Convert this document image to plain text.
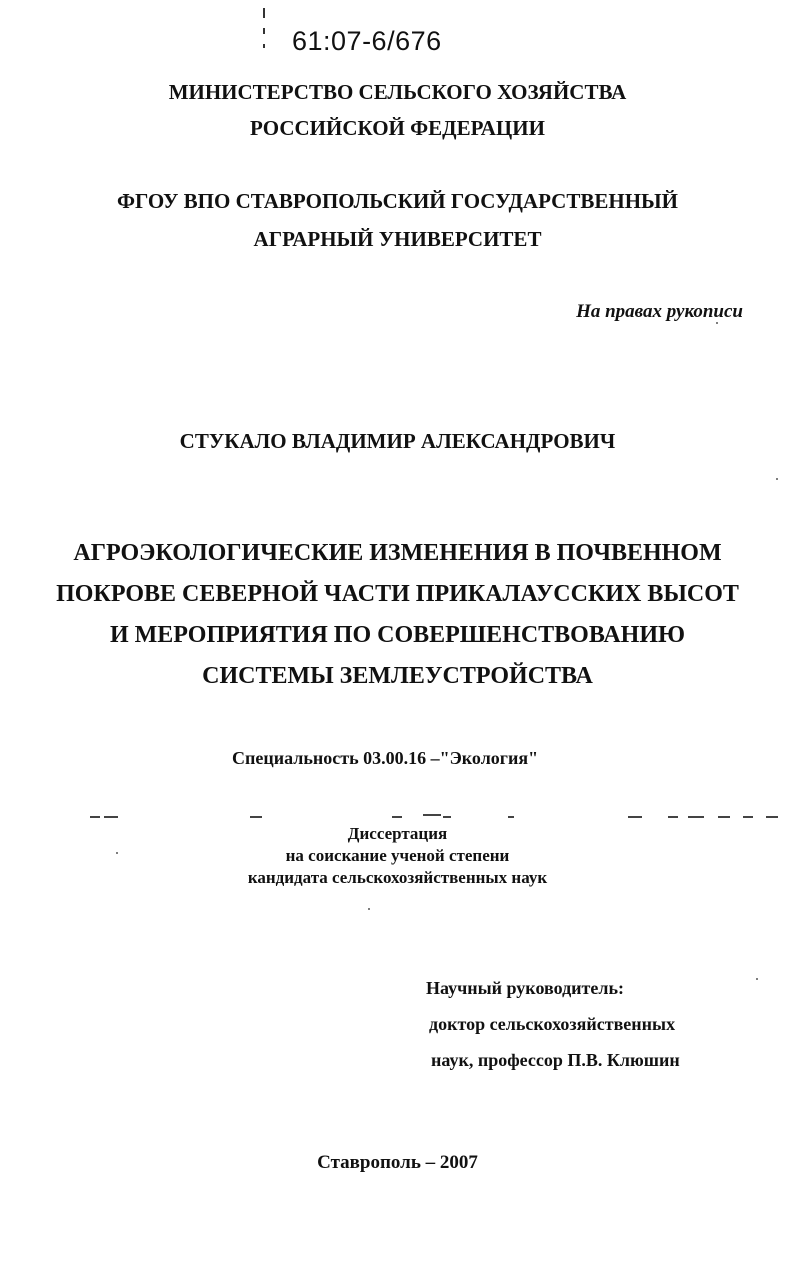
61:07-6/676
МИНИСТЕРСТВО СЕЛЬСКОГО ХОЗЯЙСТВА
РОССИЙСКОЙ ФЕДЕРАЦИИ
ФГОУ ВПО СТАВРОПОЛЬСКИЙ ГОСУДАРСТВЕННЫЙ
АГРАРНЫЙ УНИВЕРСИТЕТ
На правах рукописи
СТУКАЛО ВЛАДИМИР АЛЕКСАНДРОВИЧ
АГРОЭКОЛОГИЧЕСКИЕ ИЗМЕНЕНИЯ В ПОЧВЕННОМ
ПОКРОВЕ СЕВЕРНОЙ ЧАСТИ ПРИКАЛАУССКИХ ВЫСОТ
И МЕРОПРИЯТИЯ ПО СОВЕРШЕНСТВОВАНИЮ
СИСТЕМЫ ЗЕМЛЕУСТРОЙСТВА
Специальность 03.00.16 –"Экология"
Диссертация
на соискание ученой степени
кандидата сельскохозяйственных наук
Научный руководитель:
доктор сельскохозяйственных
наук, профессор П.В. Клюшин
Ставрополь – 2007
